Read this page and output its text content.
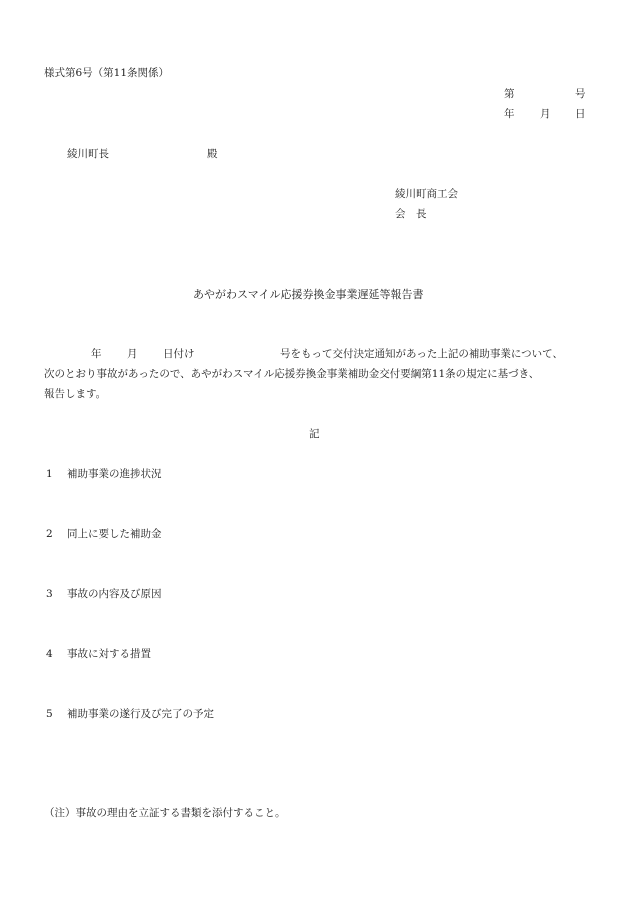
様式第6号（第11条関係）
第	号
年 月 日
綾川町長	殿
綾川町商工会
会　長
あやがわスマイル応援券換金事業遅延等報告書
年 月 日付け	号をもって交付決定通知があった上記の補助事業について、
次のとおり事故があったので、あやがわスマイル応援券換金事業補助金交付要綱第11条の規定に基づき、
報告します。
記
1 補助事業の進捗状況
2 同上に要した補助金
3 事故の内容及び原因
4 事故に対する措置
5 補助事業の遂行及び完了の予定
（注）事故の理由を立証する書類を添付すること。
